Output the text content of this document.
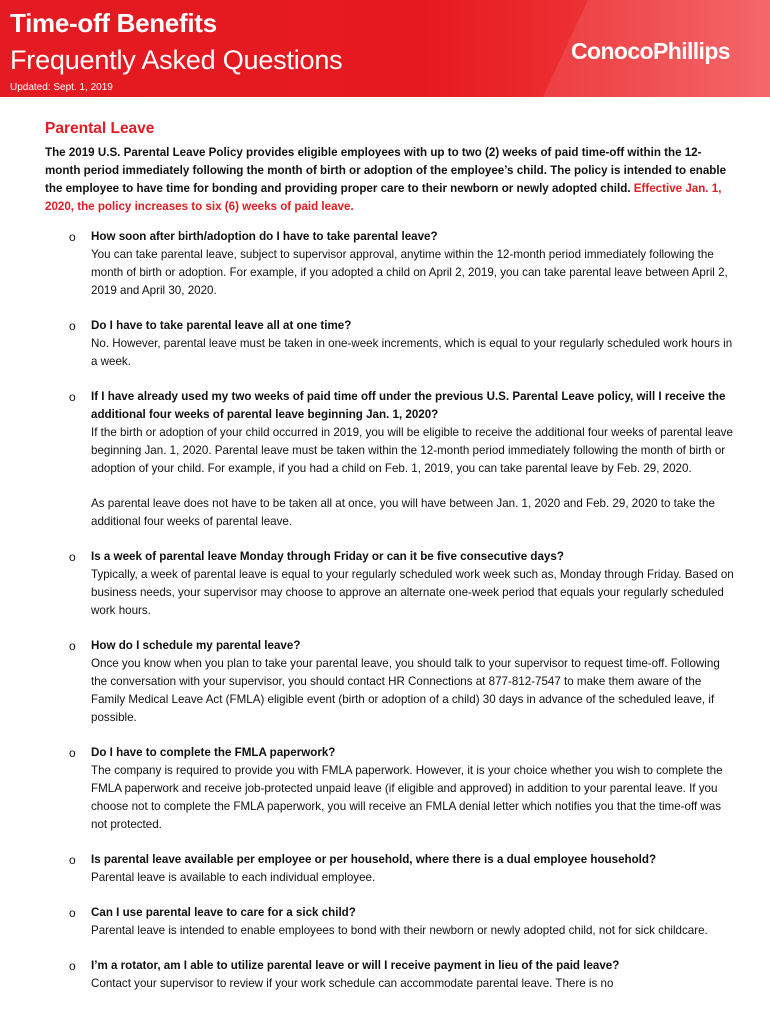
Time-off Benefits
Frequently Asked Questions
Updated: Sept. 1, 2019
ConocoPhillips
Parental Leave

The 2019 U.S. Parental Leave Policy provides eligible employees with up to two (2) weeks of paid time-off within the 12-month period immediately following the month of birth or adoption of the employee’s child. The policy is intended to enable the employee to have time for bonding and providing proper care to their newborn or newly adopted child. Effective Jan. 1, 2020, the policy increases to six (6) weeks of paid leave.

o How soon after birth/adoption do I have to take parental leave?

You can take parental leave, subject to supervisor approval, anytime within the 12-month period immediately following the month of birth or adoption. For example, if you adopted a child on April 2, 2019, you can take parental leave between April 2, 2019 and April 30, 2020.

o Do I have to take parental leave all at one time?

No. However, parental leave must be taken in one-week increments, which is equal to your regularly scheduled work hours in a week.

o If I have already used my two weeks of paid time off under the previous U.S. Parental Leave policy, will I receive the additional four weeks of parental leave beginning Jan. 1, 2020?

If the birth or adoption of your child occurred in 2019, you will be eligible to receive the additional four weeks of parental leave beginning Jan. 1, 2020. Parental leave must be taken within the 12-month period immediately following the month of birth or adoption of your child. For example, if you had a child on Feb. 1, 2019, you can take parental leave by Feb. 29, 2020.

As parental leave does not have to be taken all at once, you will have between Jan. 1, 2020 and Feb. 29, 2020 to take the additional four weeks of parental leave.

o Is a week of parental leave Monday through Friday or can it be five consecutive days?

Typically, a week of parental leave is equal to your regularly scheduled work week such as, Monday through Friday. Based on business needs, your supervisor may choose to approve an alternate one-week period that equals your regularly scheduled work hours.

o How do I schedule my parental leave?

Once you know when you plan to take your parental leave, you should talk to your supervisor to request time-off. Following the conversation with your supervisor, you should contact HR Connections at 877-812-7547 to make them aware of the Family Medical Leave Act (FMLA) eligible event (birth or adoption of a child) 30 days in advance of the scheduled leave, if possible.

o Do I have to complete the FMLA paperwork?

The company is required to provide you with FMLA paperwork. However, it is your choice whether you wish to complete the FMLA paperwork and receive job-protected unpaid leave (if eligible and approved) in addition to your parental leave. If you choose not to complete the FMLA paperwork, you will receive an FMLA denial letter which notifies you that the time-off was not protected.

o Is parental leave available per employee or per household, where there is a dual employee household?

Parental leave is available to each individual employee.

o Can I use parental leave to care for a sick child?

Parental leave is intended to enable employees to bond with their newborn or newly adopted child, not for sick childcare.

o I’m a rotator, am I able to utilize parental leave or will I receive payment in lieu of the paid leave?

Contact your supervisor to review if your work schedule can accommodate parental leave. There is no
